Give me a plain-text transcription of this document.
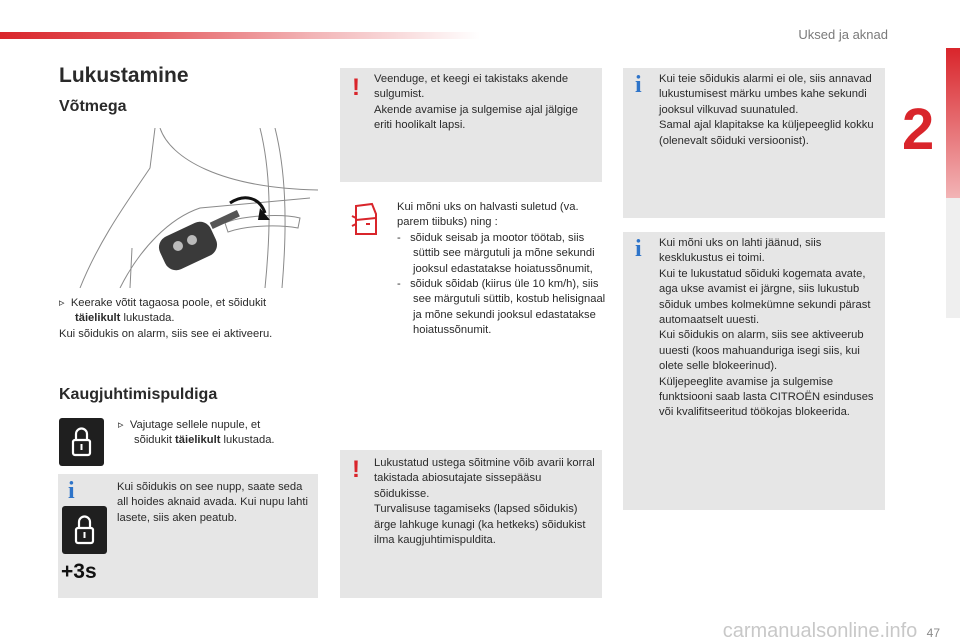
Uksed ja aknad
2
Lukustamine
Võtmega
▹ Keerake võtit tagaosa poole, et sõidukit
täielikult lukustada.
Kui sõidukis on alarm, siis see ei aktiveeru.
Kaugjuhtimispuldiga
▹ Vajutage sellele nupule, et
sõidukit täielikult lukustada.
i
+3s
Kui sõidukis on see nupp, saate seda all hoides aknaid avada. Kui nupu lahti lasete, siis aken peatub.
! Veenduge, et keegi ei takistaks akende sulgumist.
Akende avamise ja sulgemise ajal jälgige eriti hoolikalt lapsi.
Kui mõni uks on halvasti suletud (va. parem tiibuks) ning :
- sõiduk seisab ja mootor töötab, siis süttib see märgutuli ja mõne sekundi jooksul edastatakse hoiatussõnumit,
- sõiduk sõidab (kiirus üle 10 km/h), siis see märgutuli süttib, kostub helisignaal ja mõne sekundi jooksul edastatakse hoiatussõnumit.
! Lukustatud ustega sõitmine võib avarii korral takistada abiosutajate sissepääsu sõidukisse.
Turvalisuse tagamiseks (lapsed sõidukis) ärge lahkuge kunagi (ka hetkeks) sõidukist ilma kaugjuhtimispuldita.
i Kui teie sõidukis alarmi ei ole, siis annavad lukustumisest märku umbes kahe sekundi jooksul vilkuvad suunatuled.
Samal ajal klapitakse ka küljepeeglid kokku (olenevalt sõiduki versioonist).
i Kui mõni uks on lahti jäänud, siis kesklukustus ei toimi.
Kui te lukustatud sõiduki kogemata avate, aga ukse avamist ei järgne, siis lukustub sõiduk umbes kolmekümne sekundi pärast automaatselt uuesti.
Kui sõidukis on alarm, siis see aktiveerub uuesti (koos mahuanduriga isegi siis, kui olete selle blokeerinud).
Küljepeeglite avamise ja sulgemise funktsiooni saab lasta CITROËN esinduses või kvalifitseeritud töökojas blokeerida.
carmanualsonline.info 47
